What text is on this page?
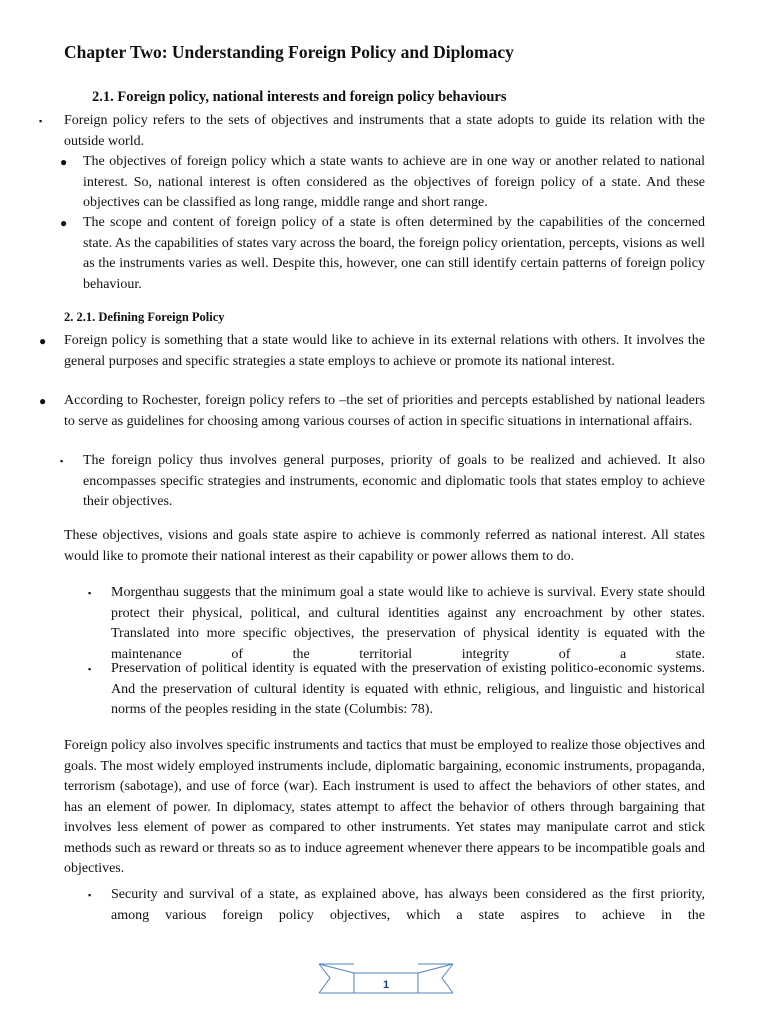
Chapter Two: Understanding Foreign Policy and Diplomacy
2.1. Foreign policy, national interests and foreign policy behaviours
▪ Foreign policy refers to the sets of objectives and instruments that a state adopts to guide its relation with the outside world.

● The objectives of foreign policy which a state wants to achieve are in one way or another related to national interest. So, national interest is often considered as the objectives of foreign policy of a state. And these objectives can be classified as long range, middle range and short range.

● The scope and content of foreign policy of a state is often determined by the capabilities of the concerned state. As the capabilities of states vary across the board, the foreign policy orientation, percepts, visions as well as the instruments varies as well. Despite this, however, one can still identify certain patterns of foreign policy behaviour.

2. 2.1. Defining Foreign Policy
● Foreign policy is something that a state would like to achieve in its external relations with others. It involves the general purposes and specific strategies a state employs to achieve or promote its national interest.

● According to Rochester, foreign policy refers to –the set of priorities and percepts established by national leaders to serve as guidelines for choosing among various courses of action in specific situations in international affairs.

▪ The foreign policy thus involves general purposes, priority of goals to be realized and achieved. It also encompasses specific strategies and instruments, economic and diplomatic tools that states employ to achieve their objectives.

These objectives, visions and goals state aspire to achieve is commonly referred as national interest. All states would like to promote their national interest as their capability or power allows them to do.

▪ Morgenthau suggests that the minimum goal a state would like to achieve is survival. Every state should protect their physical, political, and cultural identities against any encroachment by other states. Translated into more specific objectives, the preservation of physical identity is equated with the maintenance of the territorial integrity of a state.

▪ Preservation of political identity is equated with the preservation of existing politico-economic systems. And the preservation of cultural identity is equated with ethnic, religious, and linguistic and historical norms of the peoples residing in the state (Columbis: 78).

Foreign policy also involves specific instruments and tactics that must be employed to realize those objectives and goals. The most widely employed instruments include, diplomatic bargaining, economic instruments, propaganda, terrorism (sabotage), and use of force (war). Each instrument is used to affect the behaviors of other states, and has an element of power. In diplomacy, states attempt to affect the behavior of others through bargaining that involves less element of power as compared to other instruments. Yet states may manipulate carrot and stick methods such as reward or threats so as to induce agreement whenever there appears to be incompatible goals and objectives.

▪ Security and survival of a state, as explained above, has always been considered as the first priority, among various foreign policy objectives, which a state aspires to achieve in the

1
